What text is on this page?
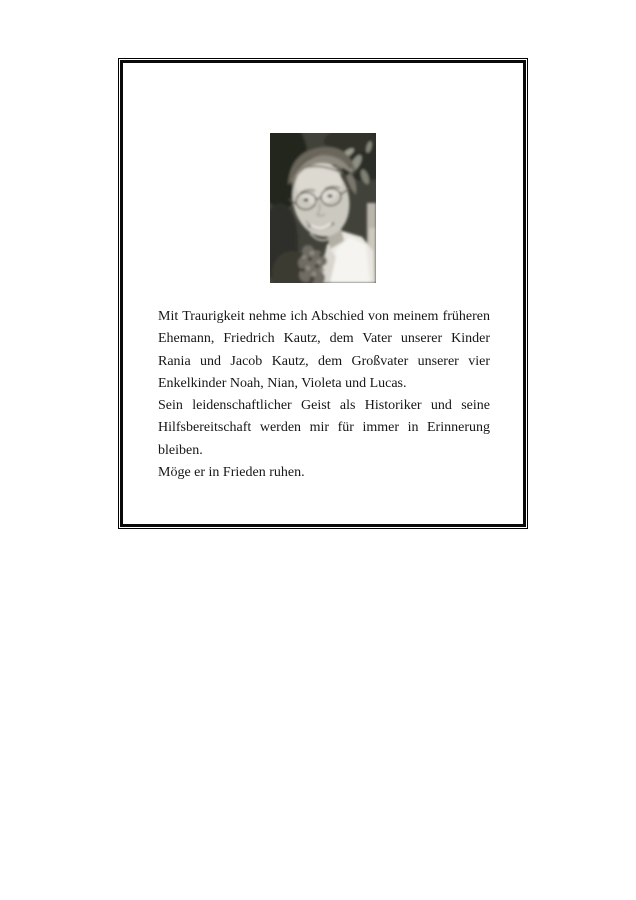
Mit Traurigkeit nehme ich Abschied von meinem früheren Ehemann, Friedrich Kautz, dem Vater unserer Kinder Rania und Jacob Kautz, dem Großvater unserer vier Enkelkinder Noah, Nian, Violeta und Lucas.

Sein leidenschaftlicher Geist als Historiker und seine Hilfsbereitschaft werden mir für immer in Erinnerung bleiben.

Möge er in Frieden ruhen.
